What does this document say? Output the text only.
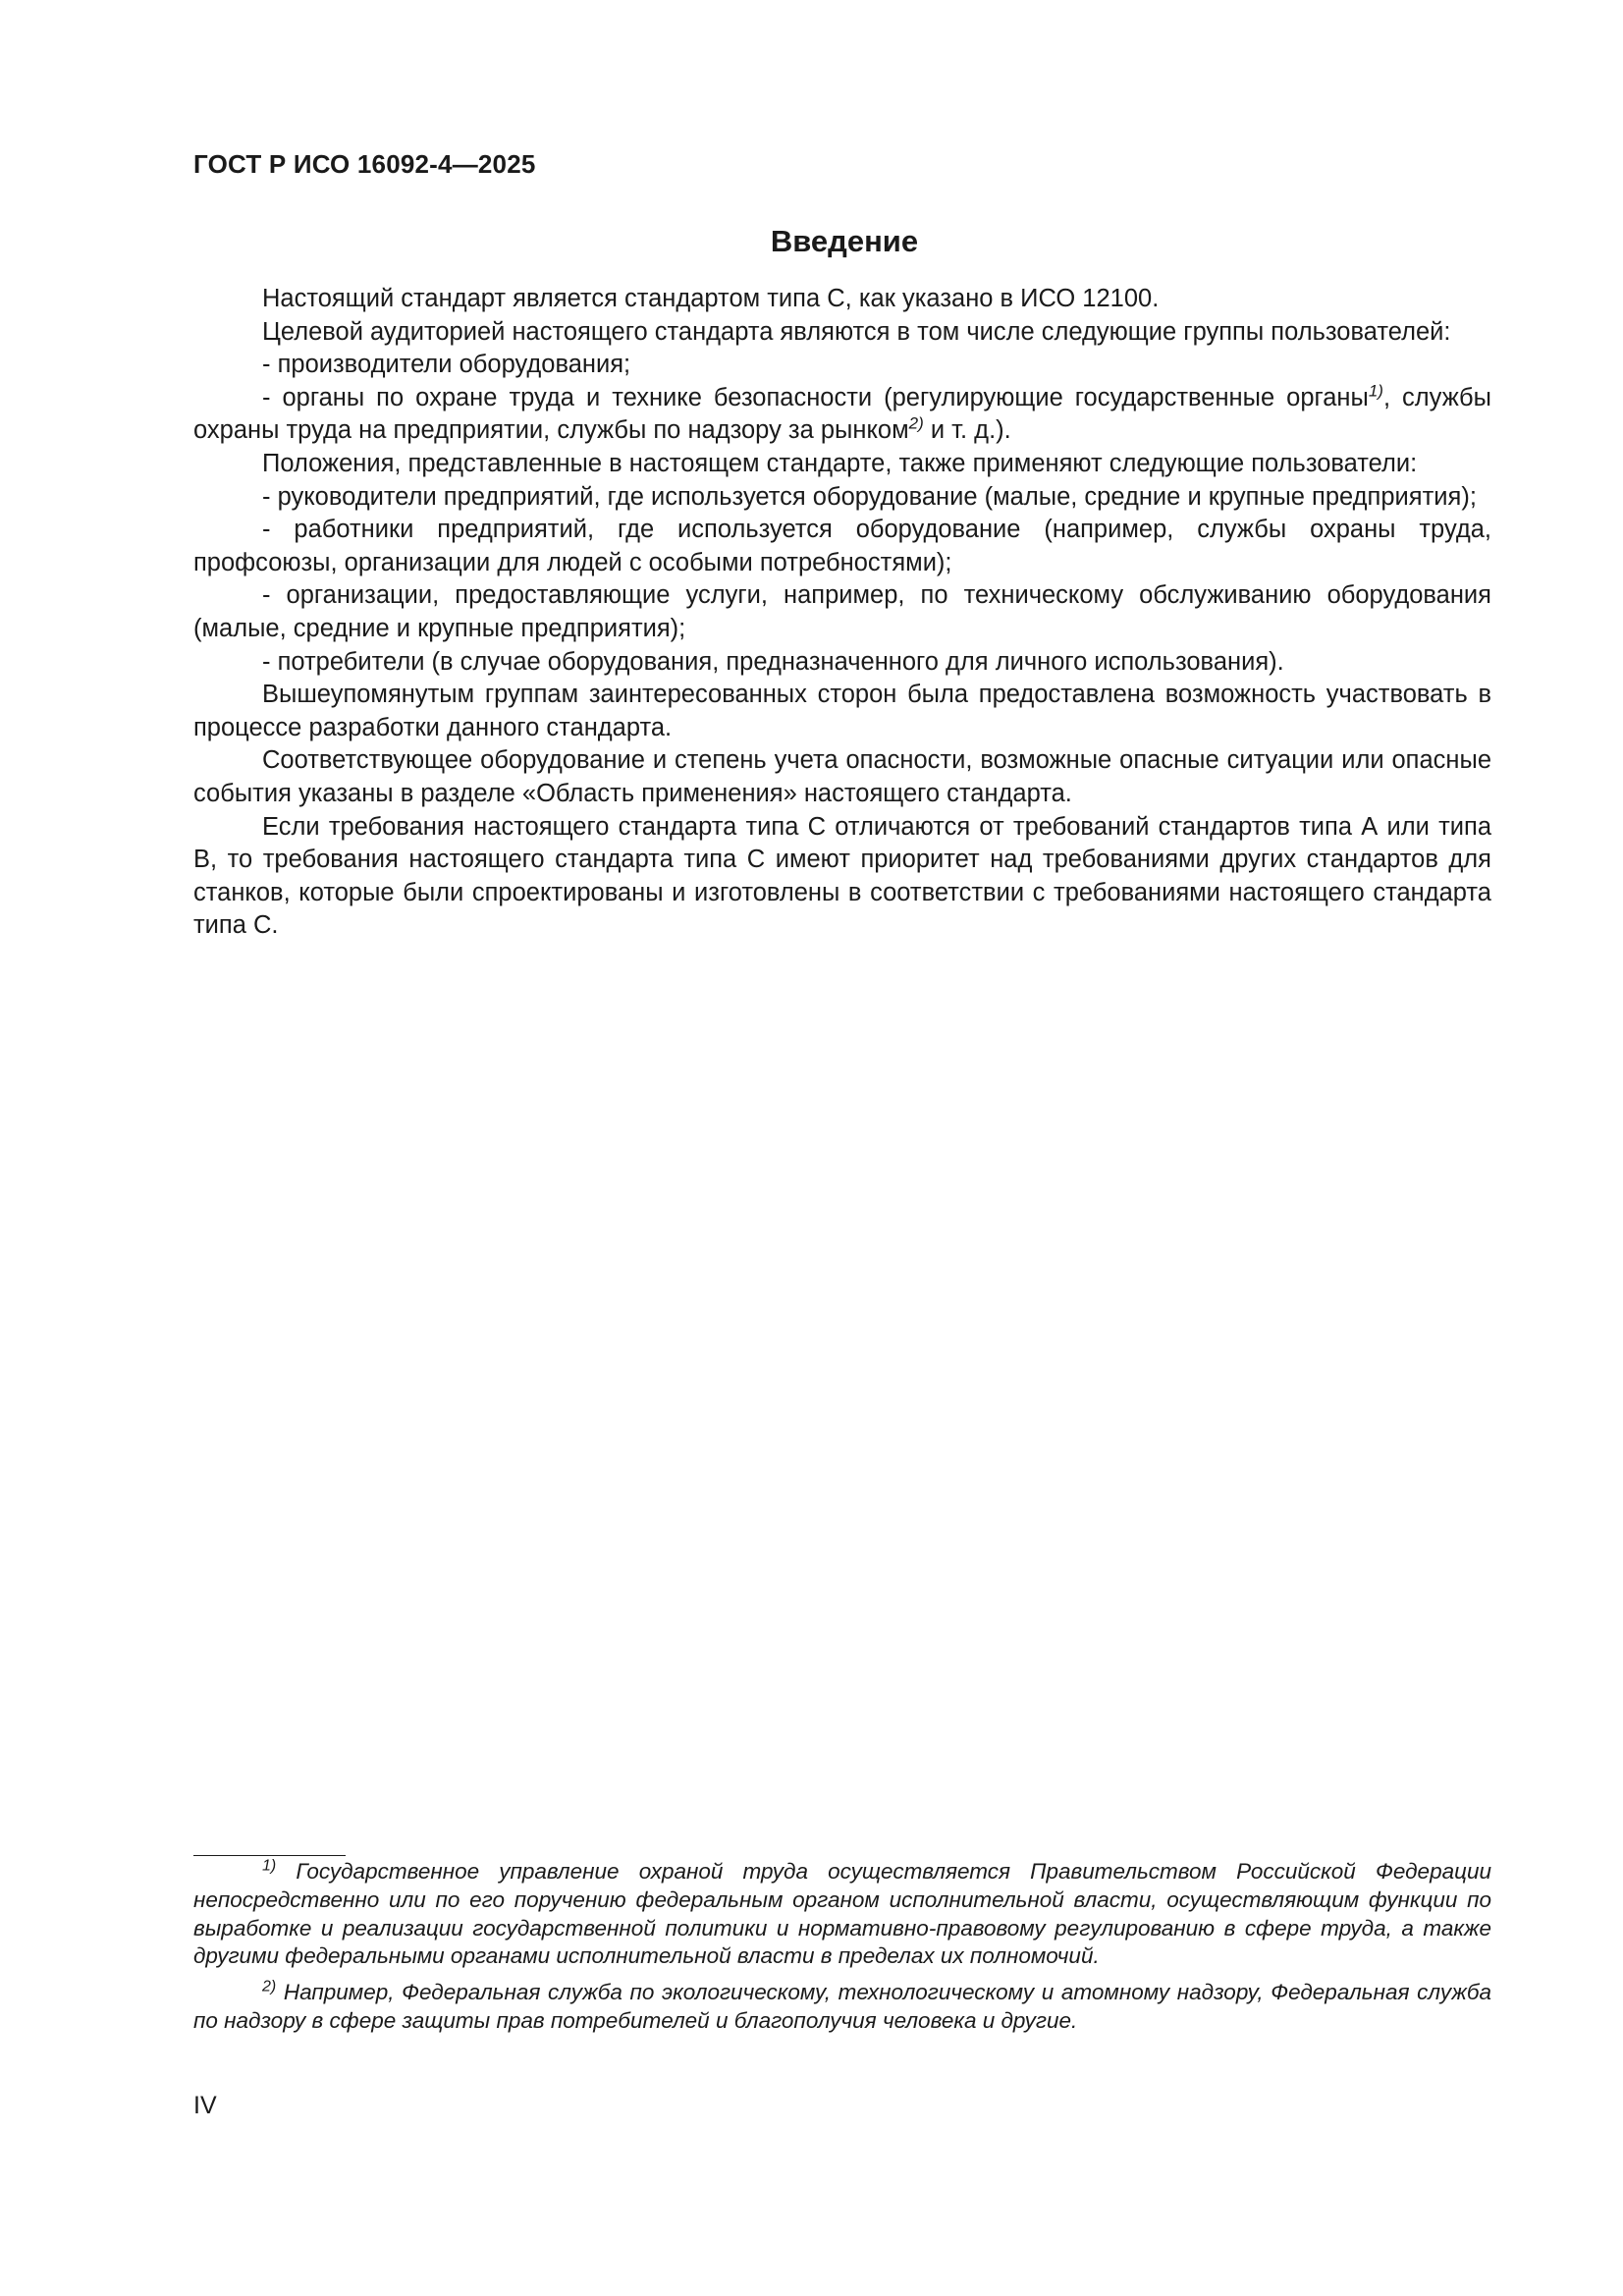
ГОСТ Р ИСО 16092-4—2025
Введение

Настоящий стандарт является стандартом типа С, как указано в ИСО 12100.

Целевой аудиторией настоящего стандарта являются в том числе следующие группы пользователей:

- производители оборудования;

- органы по охране труда и технике безопасности (регулирующие государственные органы$^{1)}$, службы охраны труда на предприятии, службы по надзору за рынком$^{2)}$ и т. д.).

Положения, представленные в настоящем стандарте, также применяют следующие пользователи:

- руководители предприятий, где используется оборудование (малые, средние и крупные предприятия);

- работники предприятий, где используется оборудование (например, службы охраны труда, профсоюзы, организации для людей с особыми потребностями);

- организации, предоставляющие услуги, например, по техническому обслуживанию оборудования (малые, средние и крупные предприятия);

- потребители (в случае оборудования, предназначенного для личного использования).

Вышеупомянутым группам заинтересованных сторон была предоставлена возможность участвовать в процессе разработки данного стандарта.

Соответствующее оборудование и степень учета опасности, возможные опасные ситуации или опасные события указаны в разделе «Область применения» настоящего стандарта.

Если требования настоящего стандарта типа С отличаются от требований стандартов типа А или типа В, то требования настоящего стандарта типа С имеют приоритет над требованиями других стандартов для станков, которые были спроектированы и изготовлены в соответствии с требованиями настоящего стандарта типа С.

$^{1)}$ Государственное управление охраной труда осуществляется Правительством Российской Федерации непосредственно или по его поручению федеральным органом исполнительной власти, осуществляющим функции по выработке и реализации государственной политики и нормативно-правовому регулированию в сфере труда, а также другими федеральными органами исполнительной власти в пределах их полномочий.

$^{2)}$ Например, Федеральная служба по экологическому, технологическому и атомному надзору, Федеральная служба по надзору в сфере защиты прав потребителей и благополучия человека и другие.

IV
